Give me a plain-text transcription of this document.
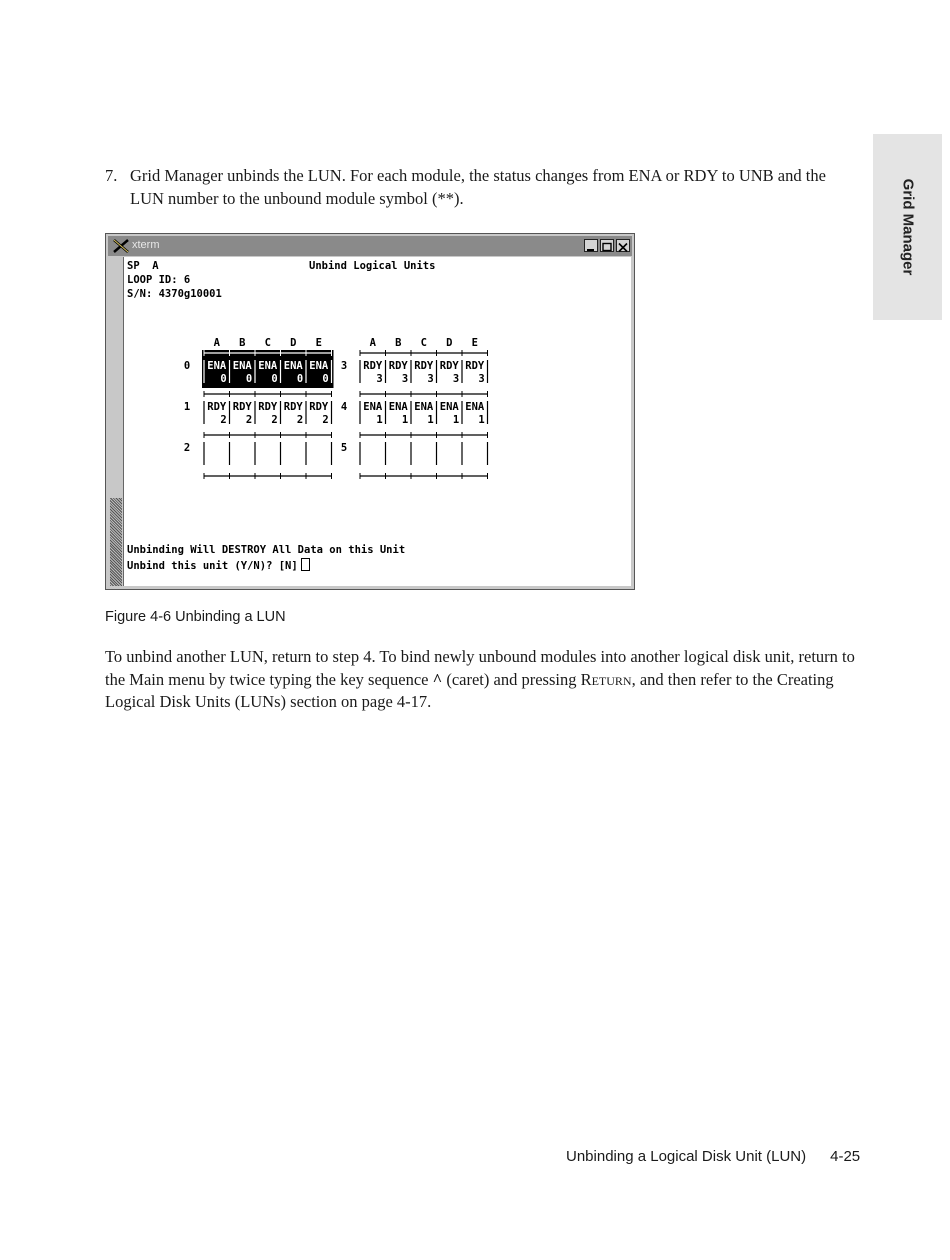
Grid Manager
7. Grid Manager unbinds the LUN. For each module, the status changes from ENA or RDY to UNB and the LUN number to the unbound module symbol (**).
xterm
SP  A
LOOP ID: 6
S/N: 4370g10001
Unbind Logical Units
A B C D E
0 ENA ENA ENA ENA ENA
0 0 0 0 0
1 RDY RDY RDY RDY RDY
2 2 2 2 2
2
A B C D E
3 RDY RDY RDY RDY RDY
3 3 3 3 3
4 ENA ENA ENA ENA ENA
1 1 1 1 1
5
Unbinding Will DESTROY All Data on this Unit
Unbind this unit (Y/N)? [N]
Figure 4-6 Unbinding a LUN
To unbind another LUN, return to step 4. To bind newly unbound modules into another logical disk unit, return to the Main menu by twice typing the key sequence ^ (caret) and pressing Return, and then refer to the Creating Logical Disk Units (LUNs) section on page 4-17.
Unbinding a Logical Disk Unit (LUN) 4-25
